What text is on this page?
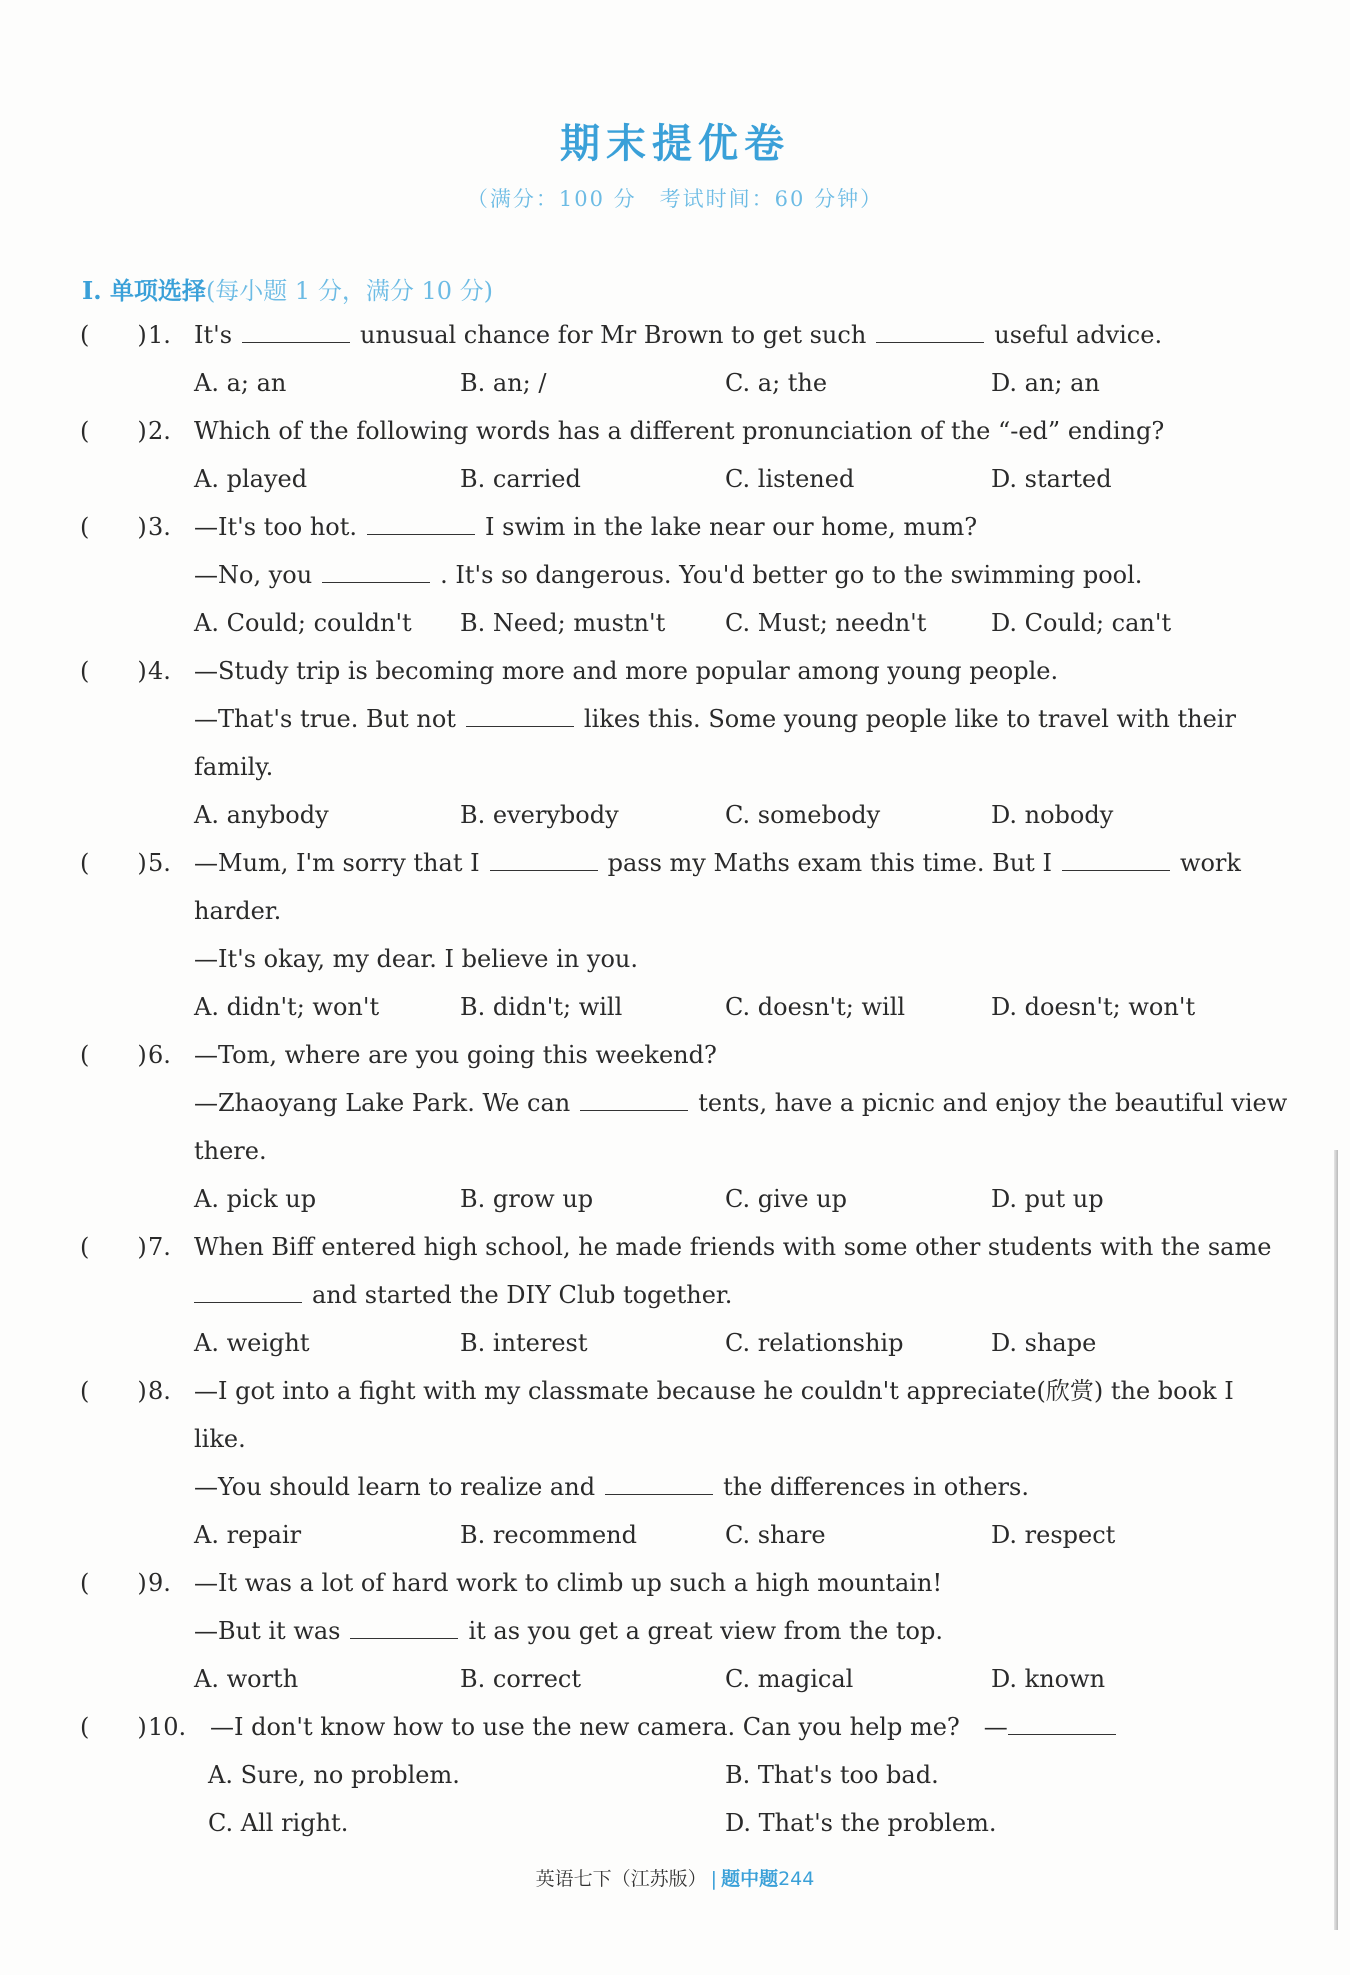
期末提优卷
（满分：100 分　考试时间：60 分钟）
Ⅰ. 单项选择(每小题 1 分，满分 10 分)
(　　) 1. It's	unusual chance for Mr Brown to get such	useful advice.
A. a; an	B. an; /	C. a; the	D. an; an
(　　) 2. Which of the following words has a different pronunciation of the “-ed” ending?
A. played	B. carried	C. listened	D. started
(　　) 3. —It's too hot.	I swim in the lake near our home, mum?
—No, you	. It's so dangerous. You'd better go to the swimming pool.
A. Could; couldn't B. Need; mustn't C. Must; needn't	D. Could; can't
(　　) 4. —Study trip is becoming more and more popular among young people.
—That's true. But not	likes this. Some young people like to travel with their
family.
A. anybody	B. everybody	C. somebody	D. nobody
(　　) 5. —Mum, I'm sorry that I	pass my Maths exam this time. But I	work
harder.
—It's okay, my dear. I believe in you.
A. didn't; won't	B. didn't; will	C. doesn't; will	D. doesn't; won't
(　　) 6. —Tom, where are you going this weekend?
—Zhaoyang Lake Park. We can	tents, have a picnic and enjoy the beautiful view
there.
A. pick up	B. grow up	C. give up	D. put up
(　　) 7. When Biff entered high school, he made friends with some other students with the same
and started the DIY Club together.
A. weight	B. interest	C. relationship	D. shape
(　　) 8. —I got into a fight with my classmate because he couldn't appreciate(欣赏) the book I
like.
—You should learn to realize and	the differences in others.
A. repair	B. recommend	C. share	D. respect
(　　) 9. —It was a lot of hard work to climb up such a high mountain!
—But it was	it as you get a great view from the top.
A. worth	B. correct	C. magical	D. known
(　　) 10. —I don't know how to use the new camera. Can you help me?　—
A. Sure, no problem.	B. That's too bad.
C. All right.	D. That's the problem.
英语七下（江苏版） | 题中题244
